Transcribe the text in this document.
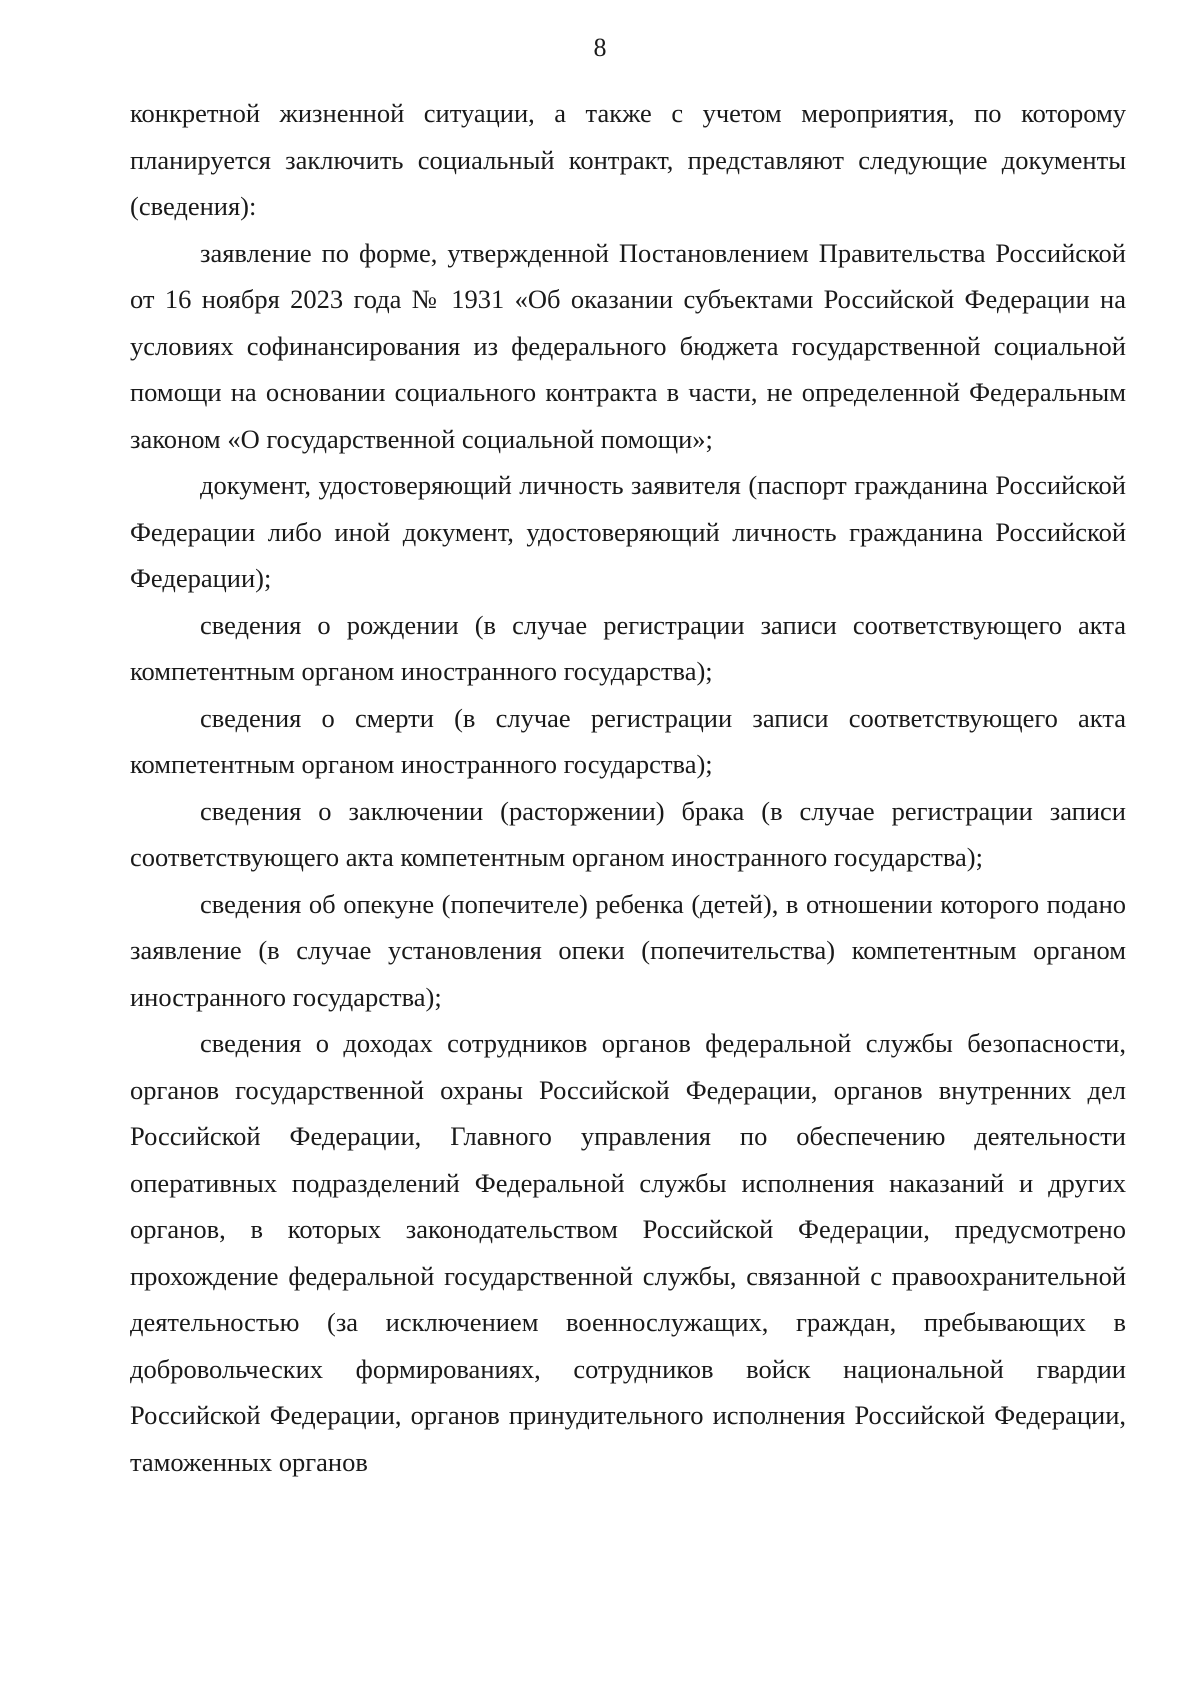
8

конкретной жизненной ситуации, а также с учетом мероприятия, по которому планируется заключить социальный контракт, представляют следующие документы (сведения):

заявление по форме, утвержденной Постановлением Правительства Российской от 16 ноября 2023 года № 1931 «Об оказании субъектами Российской Федерации на условиях софинансирования из федерального бюджета государственной социальной помощи на основании социального контракта в части, не определенной Федеральным законом «О государственной социальной помощи»;

документ, удостоверяющий личность заявителя (паспорт гражданина Российской Федерации либо иной документ, удостоверяющий личность гражданина Российской Федерации);

сведения о рождении (в случае регистрации записи соответствующего акта компетентным органом иностранного государства);

сведения о смерти (в случае регистрации записи соответствующего акта компетентным органом иностранного государства);

сведения о заключении (расторжении) брака (в случае регистрации записи соответствующего акта компетентным органом иностранного государства);

сведения об опекуне (попечителе) ребенка (детей), в отношении которого подано заявление (в случае установления опеки (попечительства) компетентным органом иностранного государства);

сведения о доходах сотрудников органов федеральной службы безопасности, органов государственной охраны Российской Федерации, органов внутренних дел Российской Федерации, Главного управления по обеспечению деятельности оперативных подразделений Федеральной службы исполнения наказаний и других органов, в которых законодательством Российской Федерации, предусмотрено прохождение федеральной государственной службы, связанной с правоохранительной деятельностью (за исключением военнослужащих, граждан, пребывающих в добровольческих формированиях, сотрудников войск национальной гвардии Российской Федерации, органов принудительного исполнения Российской Федерации, таможенных органов
